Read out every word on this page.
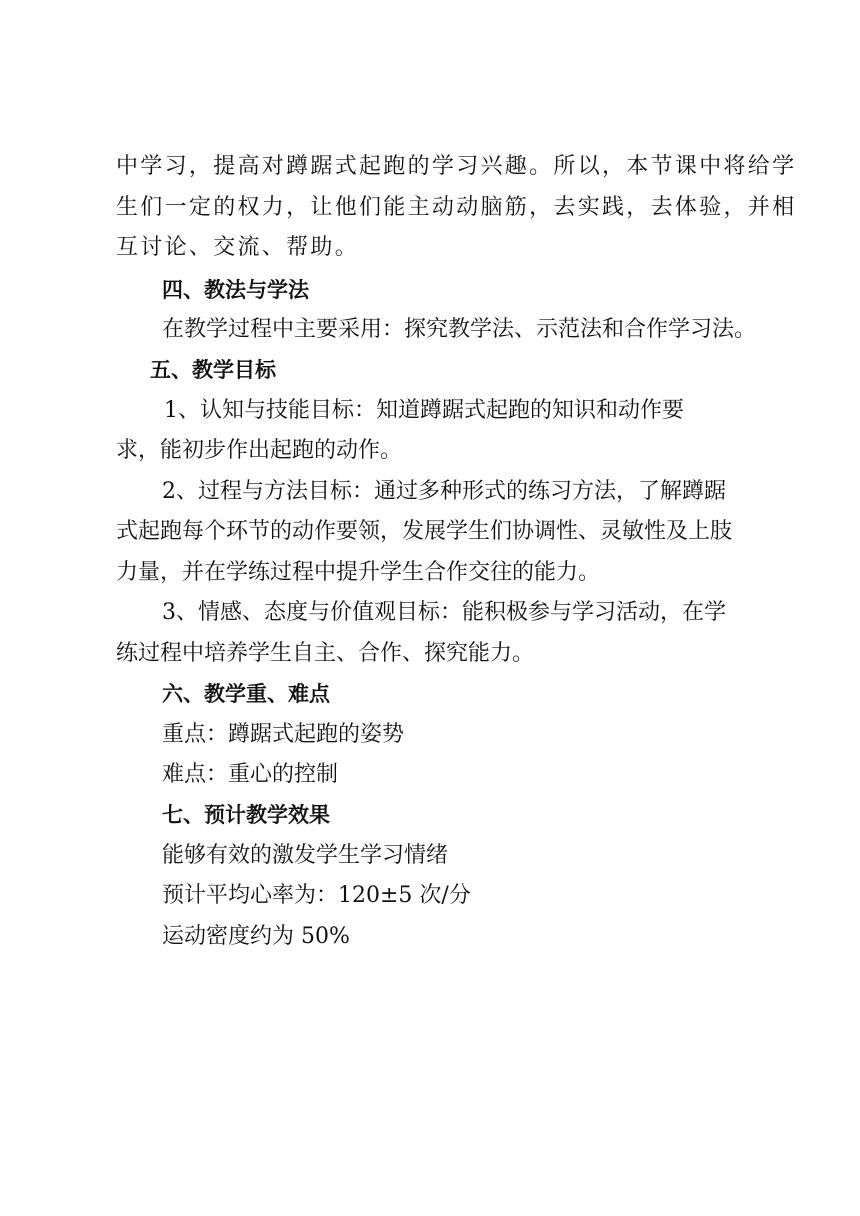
中学习，提高对蹲踞式起跑的学习兴趣。所以，本节课中将给学
生们一定的权力，让他们能主动动脑筋，去实践，去体验，并相
互讨论、交流、帮助。
四、教法与学法
在教学过程中主要采用：探究教学法、示范法和合作学习法。
五、教学目标
1、认知与技能目标：知道蹲踞式起跑的知识和动作要
求，能初步作出起跑的动作。
2、过程与方法目标：通过多种形式的练习方法，了解蹲踞
式起跑每个环节的动作要领，发展学生们协调性、灵敏性及上肢
力量，并在学练过程中提升学生合作交往的能力。
3、情感、态度与价值观目标：能积极参与学习活动，在学
练过程中培养学生自主、合作、探究能力。
六、教学重、难点
重点：蹲踞式起跑的姿势
难点：重心的控制
七、预计教学效果
能够有效的激发学生学习情绪
预计平均心率为：120±5 次/分
运动密度约为 50%
